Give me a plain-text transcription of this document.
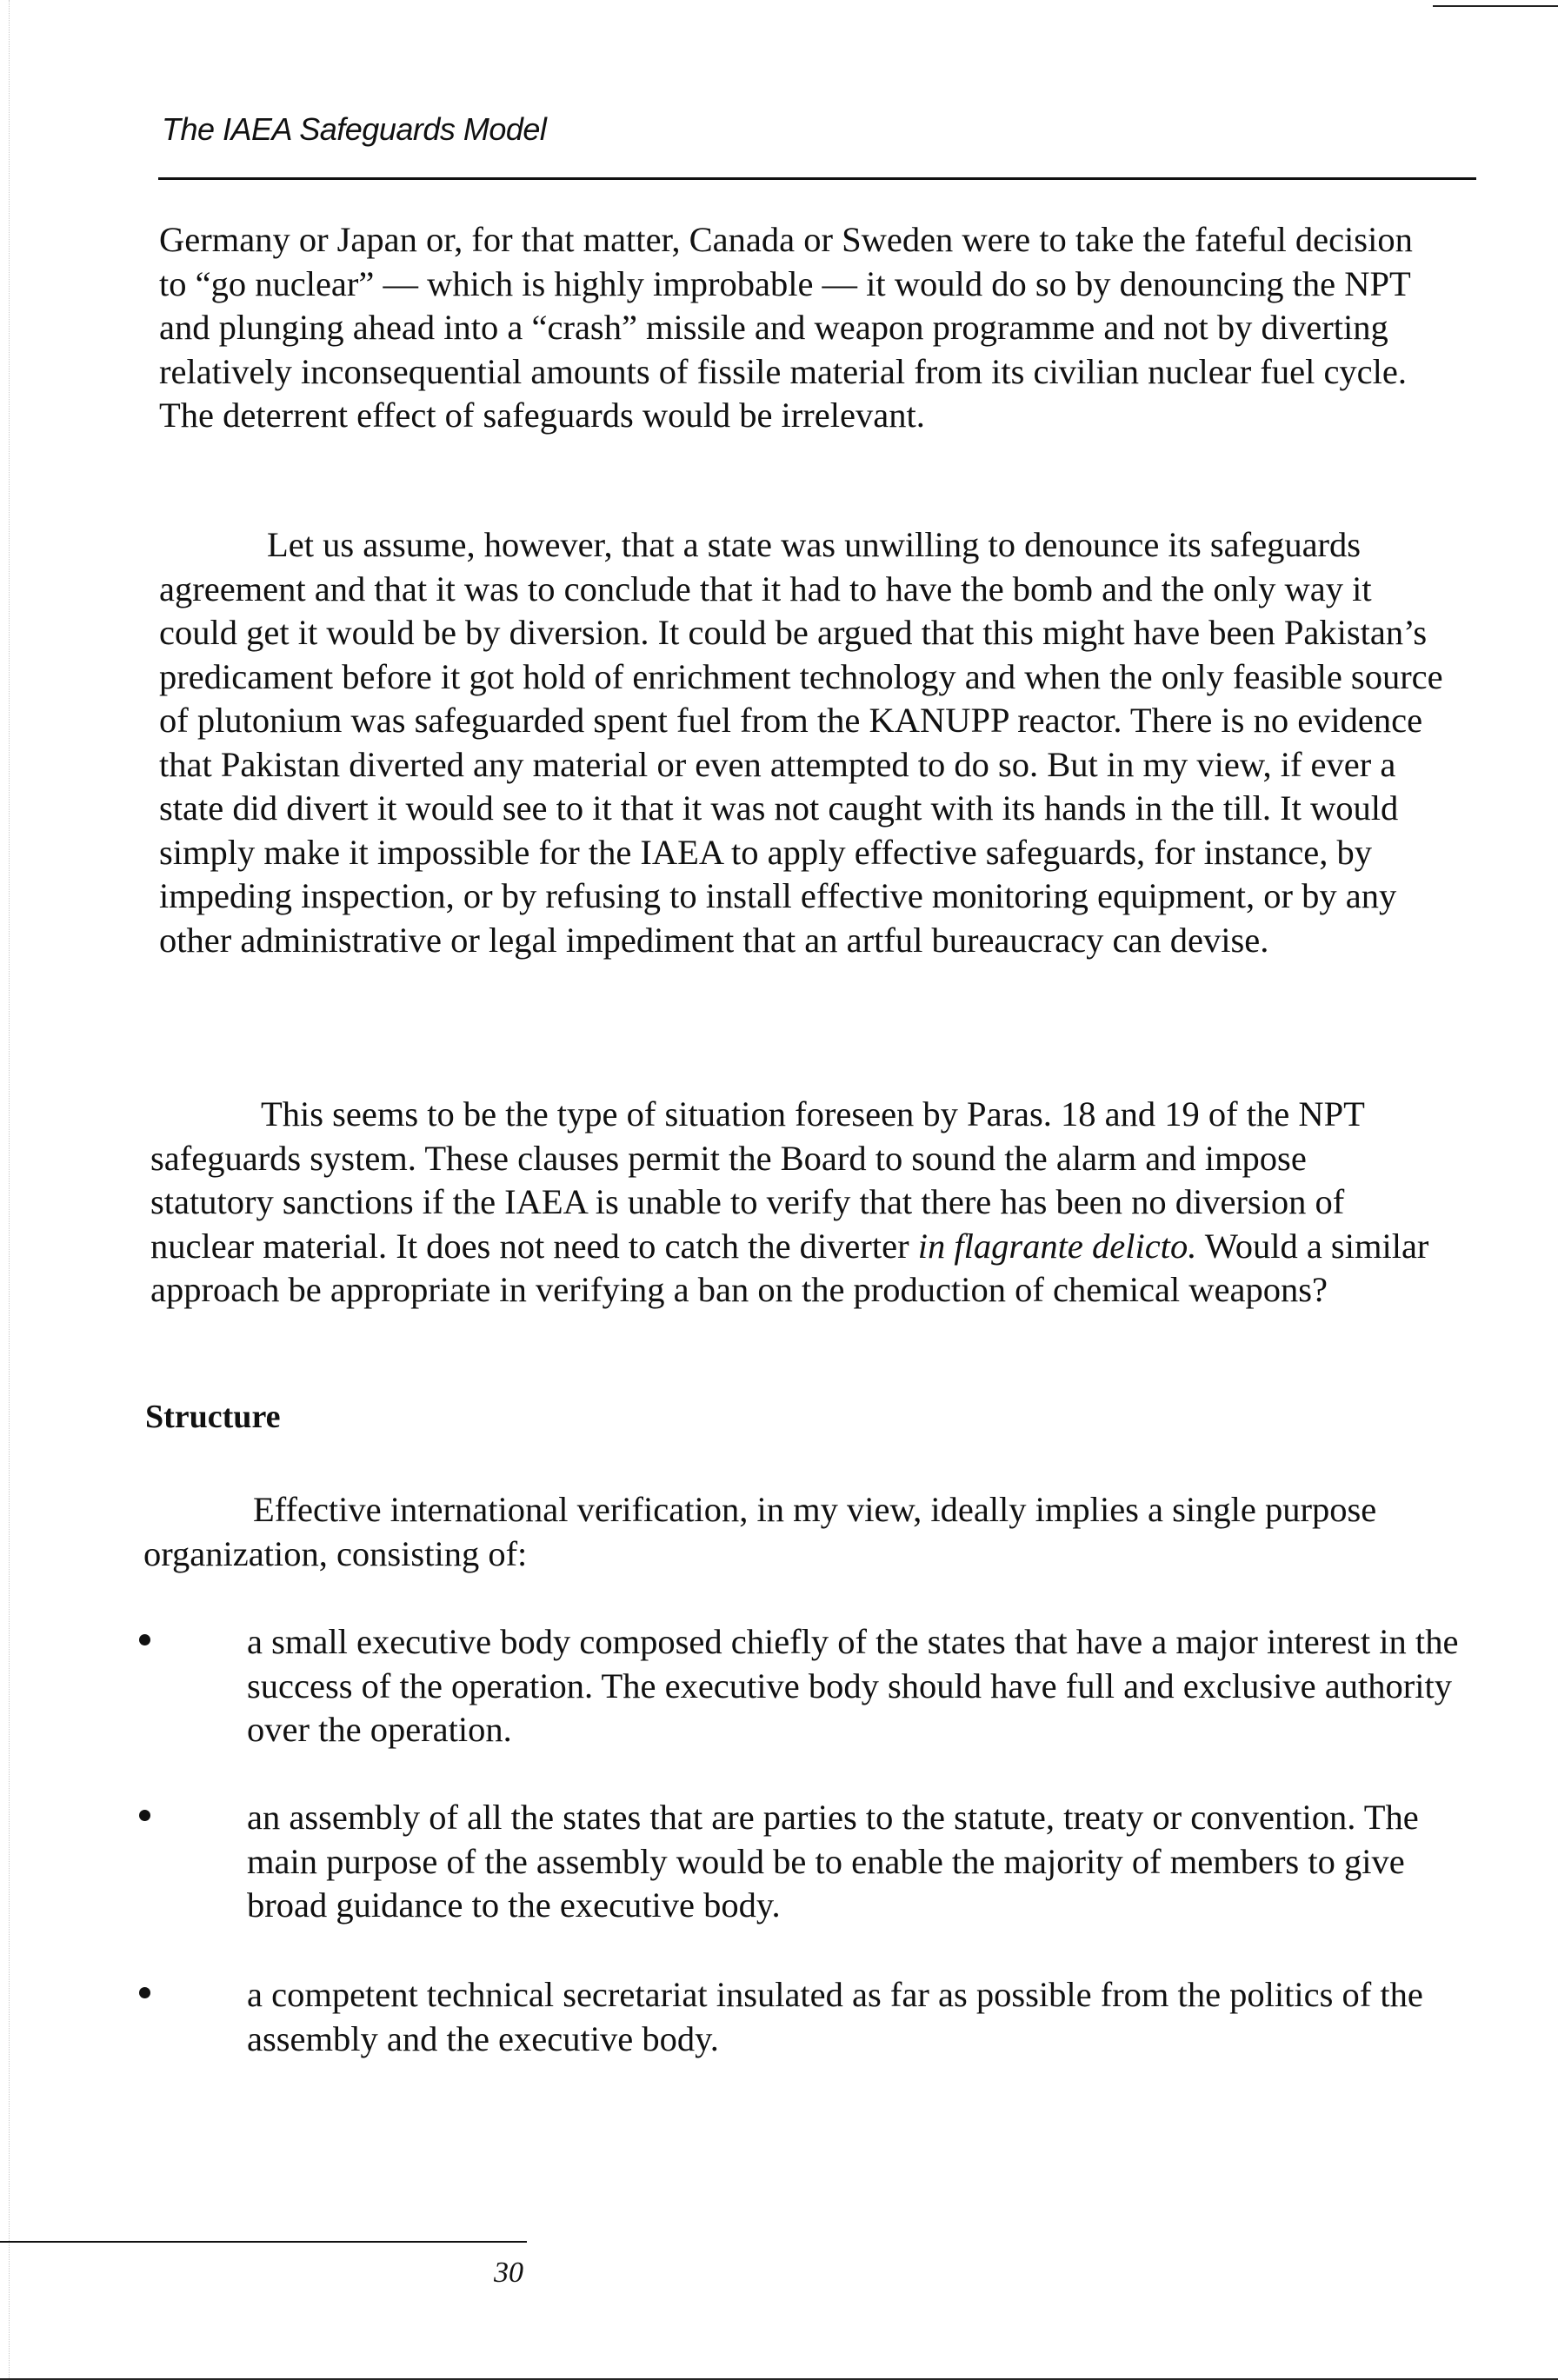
The IAEA Safeguards Model

Germany or Japan or, for that matter, Canada or Sweden were to take the fateful decision to “go nuclear” — which is highly improbable — it would do so by denouncing the NPT and plunging ahead into a “crash” missile and weapon programme and not by diverting relatively inconsequential amounts of fissile material from its civilian nuclear fuel cycle. The deterrent effect of safeguards would be irrelevant.

Let us assume, however, that a state was unwilling to denounce its safeguards agreement and that it was to conclude that it had to have the bomb and the only way it could get it would be by diversion. It could be argued that this might have been Pakistan’s predicament before it got hold of enrichment technology and when the only feasible source of plutonium was safeguarded spent fuel from the KANUPP reactor. There is no evidence that Pakistan diverted any material or even attempted to do so. But in my view, if ever a state did divert it would see to it that it was not caught with its hands in the till. It would simply make it impossible for the IAEA to apply effective safeguards, for instance, by impeding inspection, or by refusing to install effective monitoring equipment, or by any other administrative or legal impediment that an artful bureaucracy can devise.

This seems to be the type of situation foreseen by Paras. 18 and 19 of the NPT safeguards system. These clauses permit the Board to sound the alarm and impose statutory sanctions if the IAEA is unable to verify that there has been no diversion of nuclear material. It does not need to catch the diverter in flagrante delicto. Would a similar approach be appropriate in verifying a ban on the production of chemical weapons?

Structure

Effective international verification, in my view, ideally implies a single purpose organization, consisting of:

a small executive body composed chiefly of the states that have a major interest in the success of the operation. The executive body should have full and exclusive authority over the operation.
an assembly of all the states that are parties to the statute, treaty or convention. The main purpose of the assembly would be to enable the majority of members to give broad guidance to the executive body.
a competent technical secretariat insulated as far as possible from the politics of the assembly and the executive body.
30
